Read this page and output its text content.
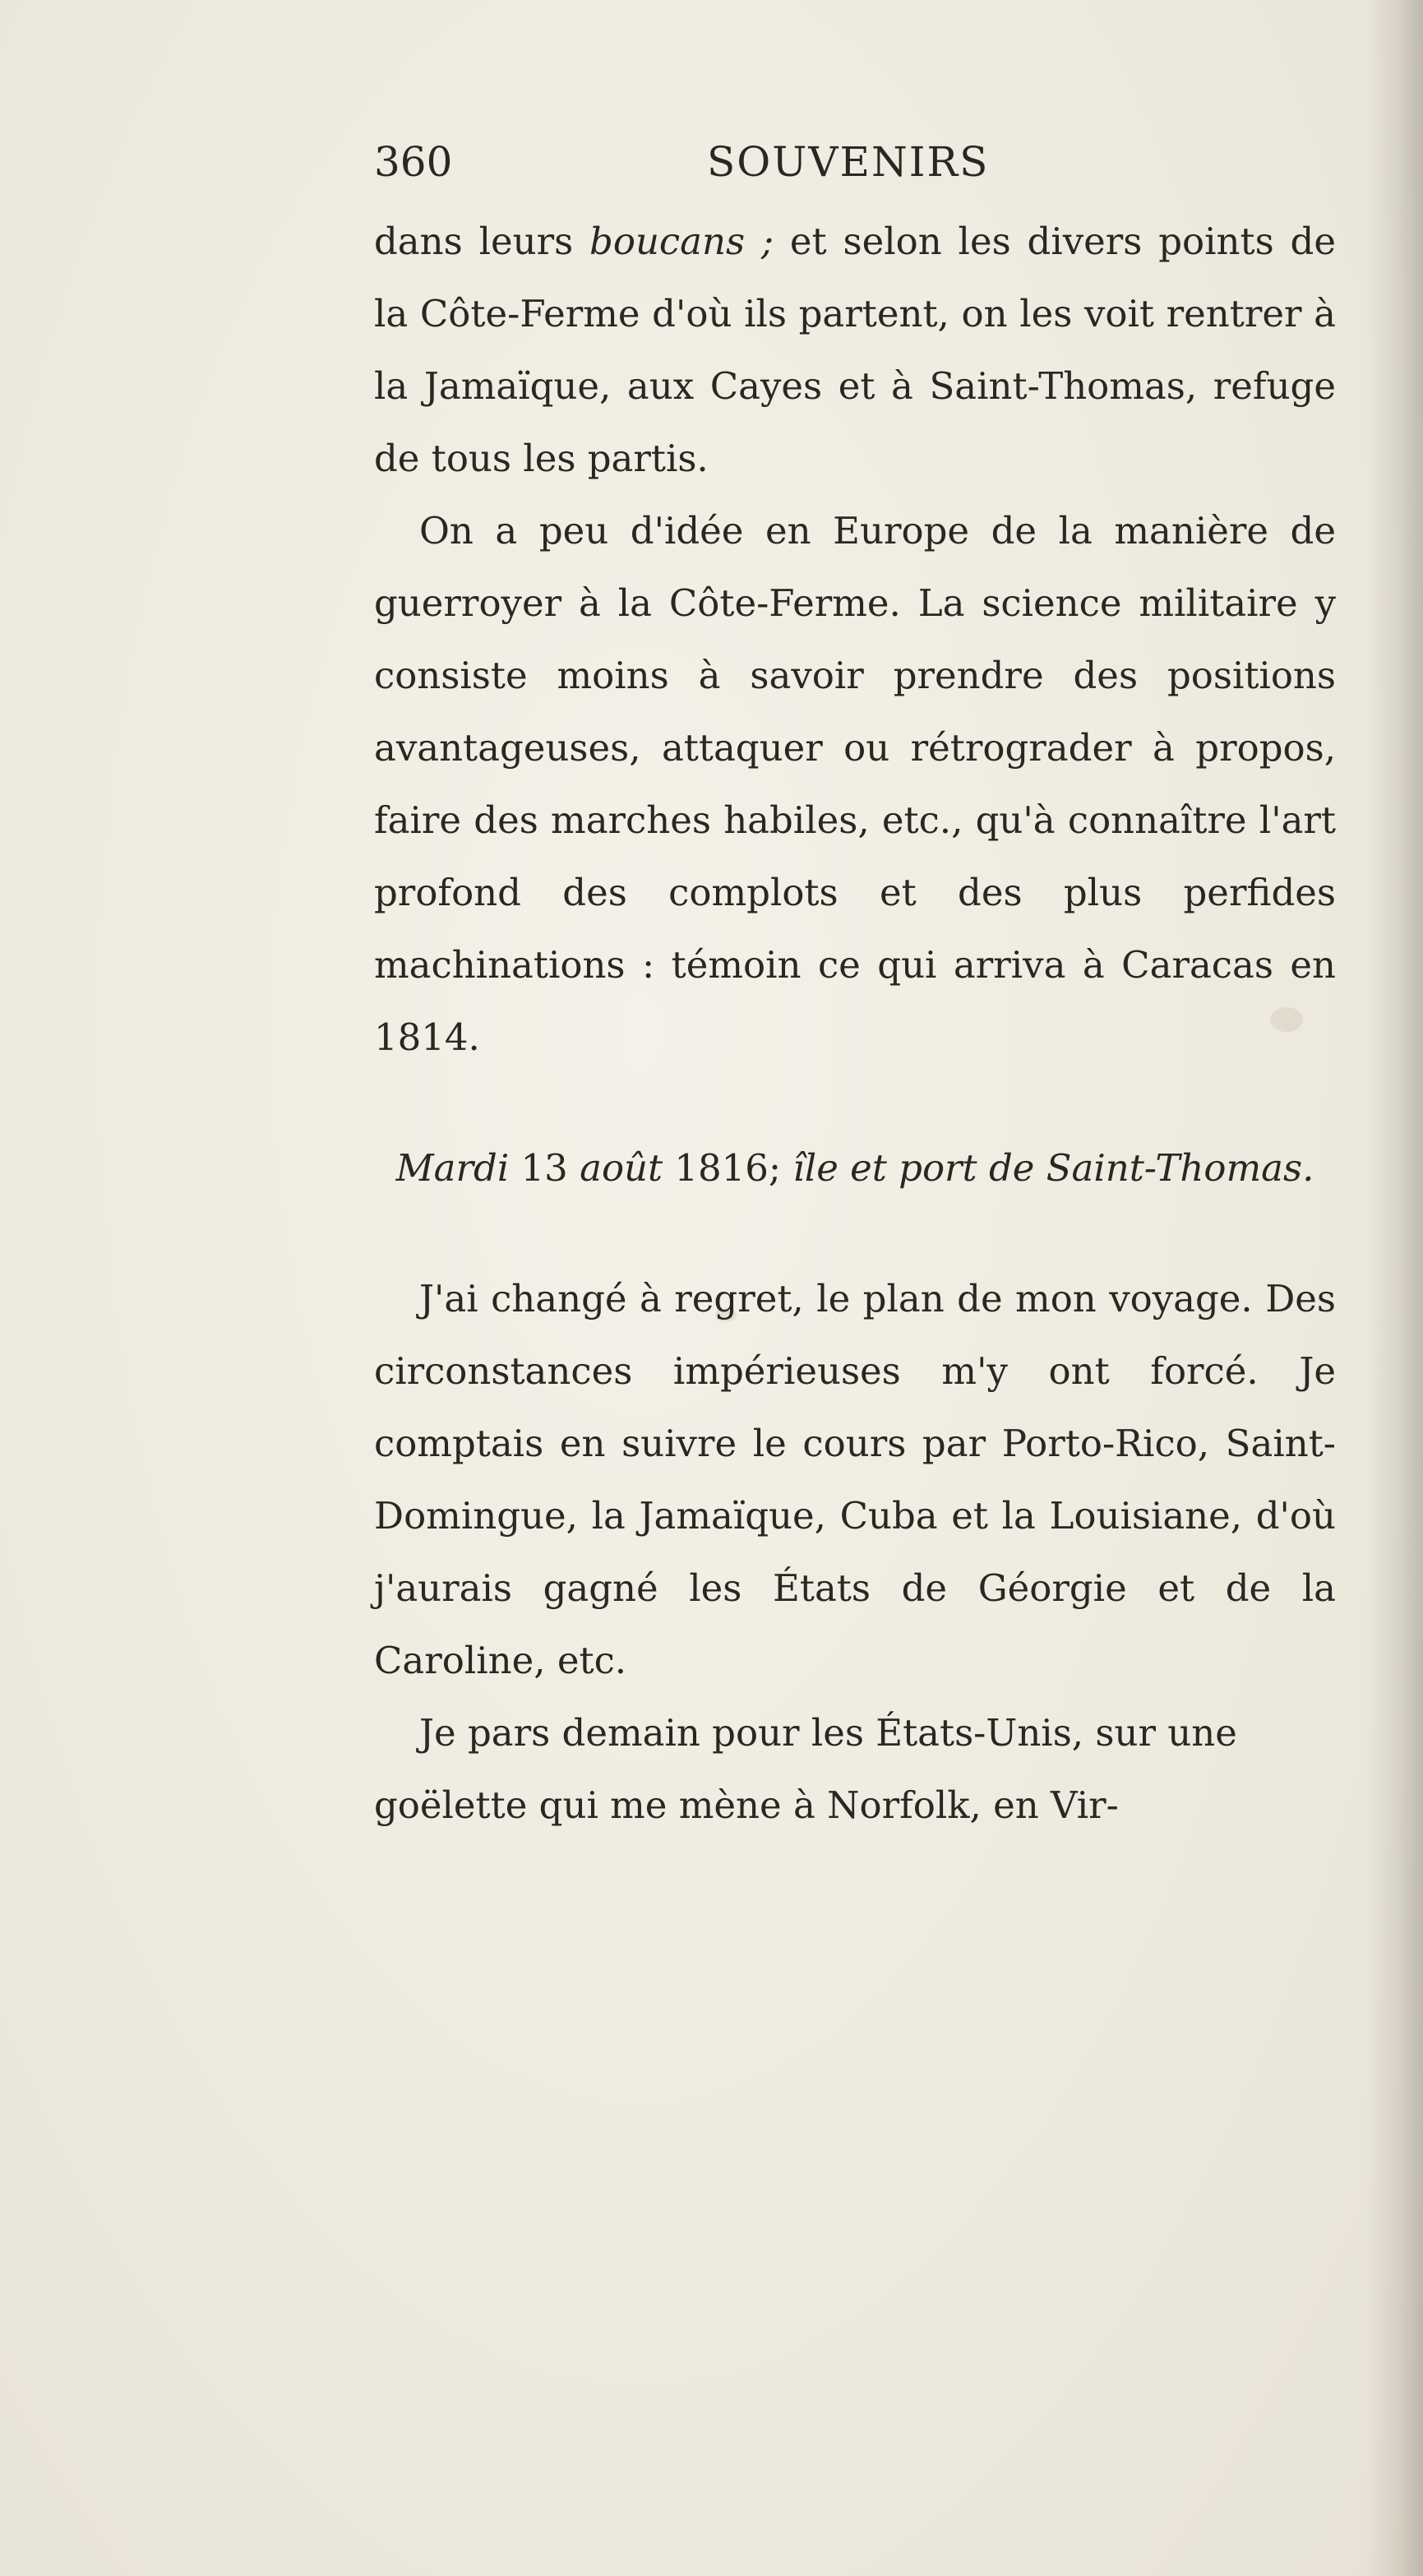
360	SOUVENIRS

dans leurs boucans ; et selon les divers points de la Côte-Ferme d'où ils partent, on les voit rentrer à la Jamaïque, aux Cayes et à Saint-Thomas, refuge de tous les partis.

On a peu d'idée en Europe de la manière de guerroyer à la Côte-Ferme. La science militaire y consiste moins à savoir prendre des positions avantageuses, attaquer ou rétrograder à propos, faire des marches habiles, etc., qu'à connaître l'art profond des complots et des plus perfides machinations : témoin ce qui arriva à Caracas en 1814.

Mardi 13 août 1816; île et port de Saint-Thomas.

J'ai changé à regret, le plan de mon voyage. Des circonstances impérieuses m'y ont forcé. Je comptais en suivre le cours par Porto-Rico, Saint-Domingue, la Jamaïque, Cuba et la Louisiane, d'où j'aurais gagné les États de Géorgie et de la Caroline, etc.

Je pars demain pour les États-Unis, sur une goëlette qui me mène à Norfolk, en Vir-
